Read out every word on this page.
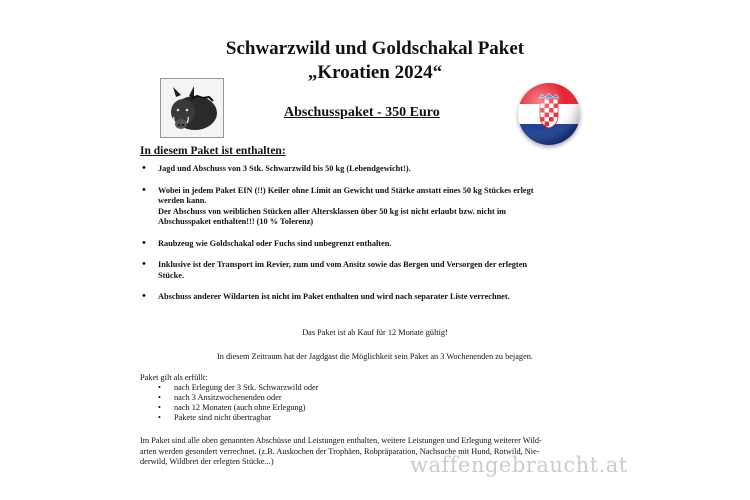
Schwarzwild und Goldschakal Paket
„Kroatien 2024“
Abschusspaket - 350 Euro
In diesem Paket ist enthalten:
• Jagd und Abschuss von 3 Stk. Schwarzwild bis 50 kg (Lebendgewicht!).
• Wobei in jedem Paket EIN (!!) Keiler ohne Limit an Gewicht und Stärke anstatt eines 50 kg Stückes erlegt
werden kann.
Der Abschuss von weiblichen Stücken aller Altersklassen über 50 kg ist nicht erlaubt bzw. nicht im
Abschusspaket enthalten!!! (10 % Tolerenz)
• Raubzeug wie Goldschakal oder Fuchs sind unbegrenzt enthalten.
• Inklusive ist der Transport im Revier, zum und vom Ansitz sowie das Bergen und Versorgen der erlegten
Stücke.
• Abschuss anderer Wildarten ist nicht im Paket enthalten und wird nach separater Liste verrechnet.
Das Paket ist ab Kauf für 12 Monate gültig!
In diesem Zeitraum hat der Jagdgast die Möglichkeit sein Paket an 3 Wochenenden zu bejagen.
Paket gilt als erfüllt:
• nach Erlegung der 3 Stk. Schwarzwild oder
• nach 3 Ansitzwochenenden oder
• nach 12 Monaten (auch ohne Erlegung)
• Pakete sind nicht übertragbar
Im Paket sind alle oben genannten Abschüsse und Leistungen enthalten, weitere Leistungen und Erlegung weiterer Wild-
arten werden gesondert verrechnet. (z.B. Auskochen der Trophäen, Rohpräparation, Nachsuche mit Hund, Rotwild, Nie-
derwild, Wildbret der erlegten Stücke...)	waffengebraucht.at
